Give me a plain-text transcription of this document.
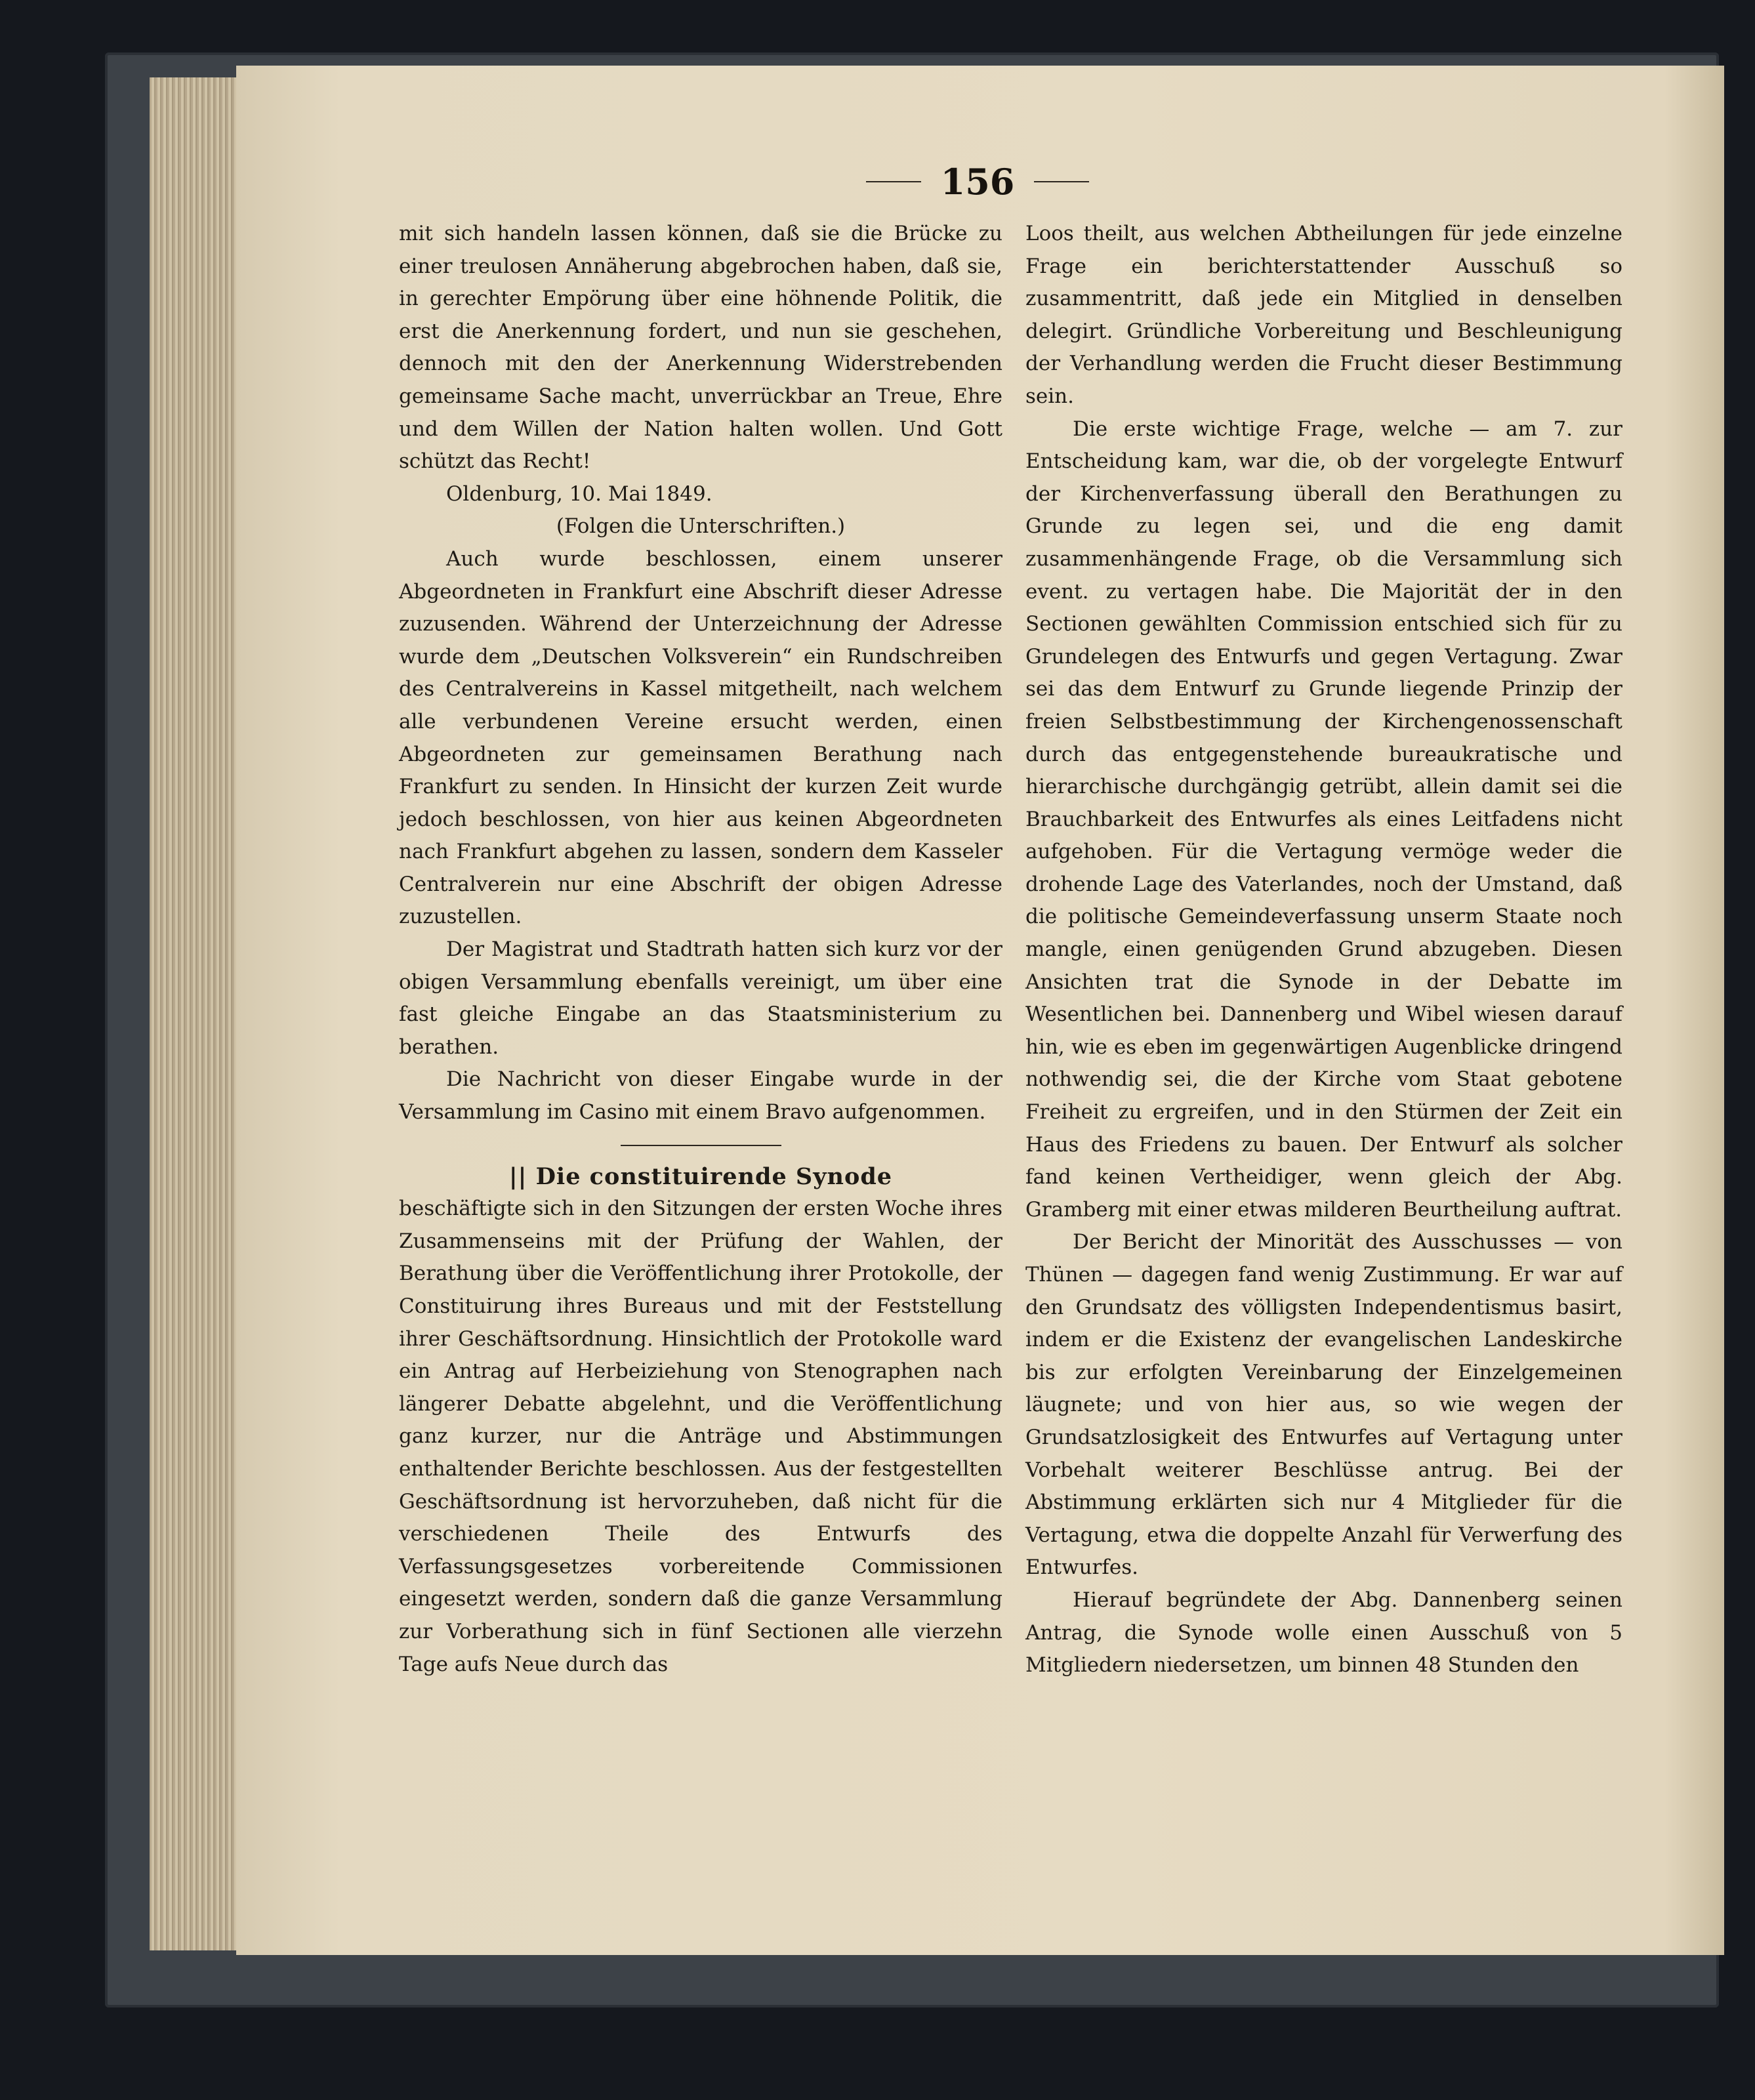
156

mit sich handeln lassen können, daß sie die Brücke zu einer treulosen Annäherung abgebrochen haben, daß sie, in gerechter Empörung über eine höhnende Politik, die erst die Anerkennung fordert, und nun sie geschehen, dennoch mit den der Anerkennung Widerstrebenden gemeinsame Sache macht, unverrückbar an Treue, Ehre und dem Willen der Nation halten wollen. Und Gott schützt das Recht!

Oldenburg, 10. Mai 1849.

(Folgen die Unterschriften.)

Auch wurde beschlossen, einem unserer Abgeordneten in Frankfurt eine Abschrift dieser Adresse zuzusenden. Während der Unterzeichnung der Adresse wurde dem „Deutschen Volksverein“ ein Rundschreiben des Centralvereins in Kassel mitgetheilt, nach welchem alle verbundenen Vereine ersucht werden, einen Abgeordneten zur gemeinsamen Berathung nach Frankfurt zu senden. In Hinsicht der kurzen Zeit wurde jedoch beschlossen, von hier aus keinen Abgeordneten nach Frankfurt abgehen zu lassen, sondern dem Kasseler Centralverein nur eine Abschrift der obigen Adresse zuzustellen.

Der Magistrat und Stadtrath hatten sich kurz vor der obigen Versammlung ebenfalls vereinigt, um über eine fast gleiche Eingabe an das Staatsministerium zu berathen.

Die Nachricht von dieser Eingabe wurde in der Versammlung im Casino mit einem Bravo aufgenommen.

|| Die constituirende Synode

beschäftigte sich in den Sitzungen der ersten Woche ihres Zusammenseins mit der Prüfung der Wahlen, der Berathung über die Veröffentlichung ihrer Protokolle, der Constituirung ihres Bureaus und mit der Feststellung ihrer Geschäftsordnung. Hinsichtlich der Protokolle ward ein Antrag auf Herbeiziehung von Stenographen nach längerer Debatte abgelehnt, und die Veröffentlichung ganz kurzer, nur die Anträge und Abstimmungen enthaltender Berichte beschlossen. Aus der festgestellten Geschäftsordnung ist hervorzuheben, daß nicht für die verschiedenen Theile des Entwurfs des Verfassungsgesetzes vorbereitende Commissionen eingesetzt werden, sondern daß die ganze Versammlung zur Vorberathung sich in fünf Sectionen alle vierzehn Tage aufs Neue durch das

Loos theilt, aus welchen Abtheilungen für jede einzelne Frage ein berichterstattender Ausschuß so zusammentritt, daß jede ein Mitglied in denselben delegirt. Gründliche Vorbereitung und Beschleunigung der Verhandlung werden die Frucht dieser Bestimmung sein.

Die erste wichtige Frage, welche — am 7. zur Entscheidung kam, war die, ob der vorgelegte Entwurf der Kirchenverfassung überall den Berathungen zu Grunde zu legen sei, und die eng damit zusammenhängende Frage, ob die Versammlung sich event. zu vertagen habe. Die Majorität der in den Sectionen gewählten Commission entschied sich für zu Grundelegen des Entwurfs und gegen Vertagung. Zwar sei das dem Entwurf zu Grunde liegende Prinzip der freien Selbstbestimmung der Kirchengenossenschaft durch das entgegenstehende bureaukratische und hierarchische durchgängig getrübt, allein damit sei die Brauchbarkeit des Entwurfes als eines Leitfadens nicht aufgehoben. Für die Vertagung vermöge weder die drohende Lage des Vaterlandes, noch der Umstand, daß die politische Gemeindeverfassung unserm Staate noch mangle, einen genügenden Grund abzugeben. Diesen Ansichten trat die Synode in der Debatte im Wesentlichen bei. Dannenberg und Wibel wiesen darauf hin, wie es eben im gegenwärtigen Augenblicke dringend nothwendig sei, die der Kirche vom Staat gebotene Freiheit zu ergreifen, und in den Stürmen der Zeit ein Haus des Friedens zu bauen. Der Entwurf als solcher fand keinen Vertheidiger, wenn gleich der Abg. Gramberg mit einer etwas milderen Beurtheilung auftrat.

Der Bericht der Minorität des Ausschusses — von Thünen — dagegen fand wenig Zustimmung. Er war auf den Grundsatz des völligsten Independentismus basirt, indem er die Existenz der evangelischen Landeskirche bis zur erfolgten Vereinbarung der Einzelgemeinen läugnete; und von hier aus, so wie wegen der Grundsatzlosigkeit des Entwurfes auf Vertagung unter Vorbehalt weiterer Beschlüsse antrug. Bei der Abstimmung erklärten sich nur 4 Mitglieder für die Vertagung, etwa die doppelte Anzahl für Verwerfung des Entwurfes.

Hierauf begründete der Abg. Dannenberg seinen Antrag, die Synode wolle einen Ausschuß von 5 Mitgliedern niedersetzen, um binnen 48 Stunden den
